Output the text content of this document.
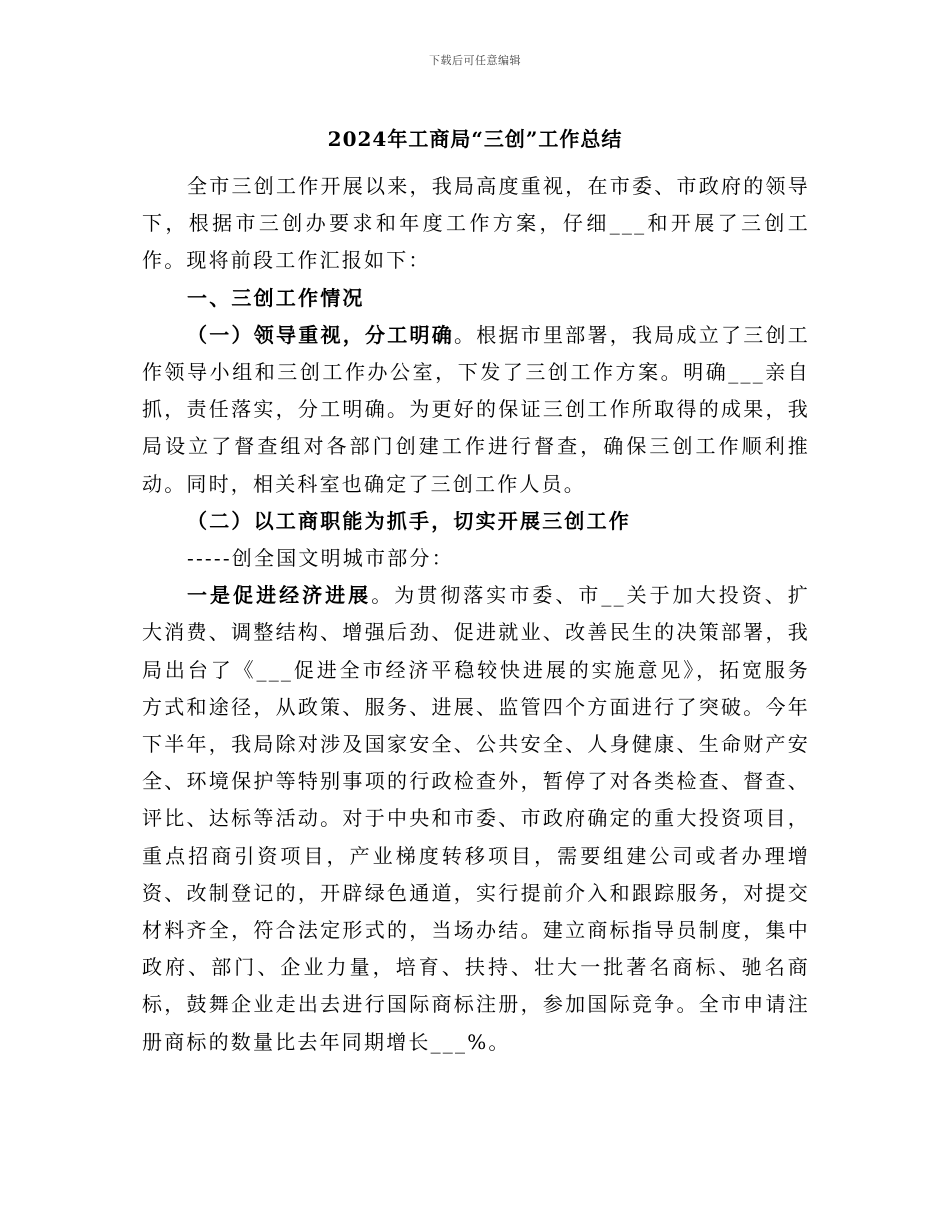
下载后可任意编辑
2024年工商局“三创”工作总结

全市三创工作开展以来，我局高度重视，在市委、市政府的领导下，根据市三创办要求和年度工作方案，仔细___和开展了三创工作。现将前段工作汇报如下：

一、三创工作情况

（一）领导重视，分工明确。根据市里部署，我局成立了三创工作领导小组和三创工作办公室，下发了三创工作方案。明确___亲自抓，责任落实，分工明确。为更好的保证三创工作所取得的成果，我局设立了督查组对各部门创建工作进行督查，确保三创工作顺利推动。同时，相关科室也确定了三创工作人员。

（二）以工商职能为抓手，切实开展三创工作

-----创全国文明城市部分：

一是促进经济进展。为贯彻落实市委、市__关于加大投资、扩大消费、调整结构、增强后劲、促进就业、改善民生的决策部署，我局出台了《___促进全市经济平稳较快进展的实施意见》，拓宽服务方式和途径，从政策、服务、进展、监管四个方面进行了突破。今年下半年，我局除对涉及国家安全、公共安全、人身健康、生命财产安全、环境保护等特别事项的行政检查外，暂停了对各类检查、督查、评比、达标等活动。对于中央和市委、市政府确定的重大投资项目，重点招商引资项目，产业梯度转移项目，需要组建公司或者办理增资、改制登记的，开辟绿色通道，实行提前介入和跟踪服务，对提交材料齐全，符合法定形式的，当场办结。建立商标指导员制度，集中政府、部门、企业力量，培育、扶持、壮大一批著名商标、驰名商标，鼓舞企业走出去进行国际商标注册，参加国际竞争。全市申请注册商标的数量比去年同期增长___%。
